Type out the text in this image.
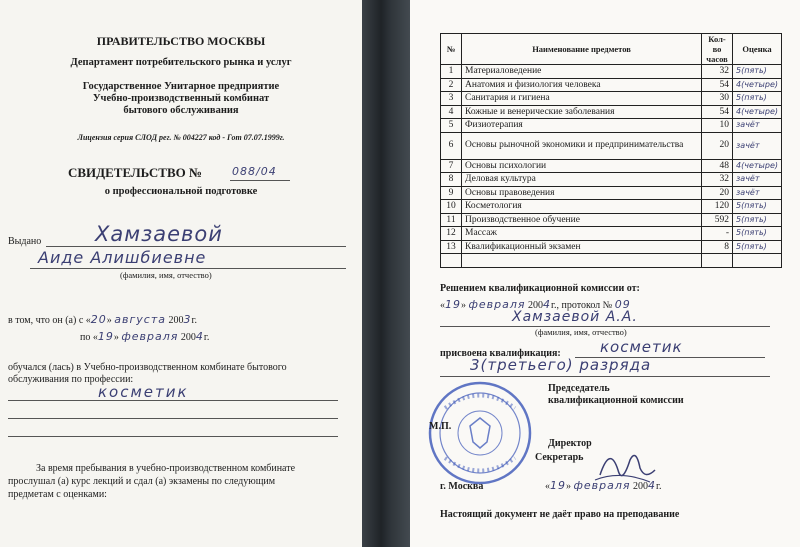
ПРАВИТЕЛЬСТВО МОСКВЫ
Департамент потребительского рынка и услуг
Государственное Унитарное предприятие
Учебно-производственный комбинат
бытового обслуживания
Лицензия серия СЛОД рег. № 004227 код - Гот 07.07.1999г.
СВИДЕТЕЛЬСТВО №	088/04
о профессиональной подготовке
Выдано	Хамзаевой
Аиде Алишбиевне
(фамилия, имя, отчество)
в том, что он (а) с «20» августа 2003г.
по «19» февраля 2004г.
обучался (лась) в Учебно-производственном комбинате бытового
обслуживания по профессии:
косметик
За время пребывания в учебно-производственном комбинате
прослушал (а) курс лекций и сдал (а) экзамены по следующим
предметам с оценками:
№	Наименование предметов	Кол-во часов	Оценка
1	Материаловедение	32	5(пять)
2	Анатомия и физиология человека	54	4(четыре)
3	Санитария и гигиена	30	5(пять)
4	Кожные и венерические заболевания	54	4(четыре)
5	Физиотерапия	10	зачёт
6	Основы рыночной экономики и предпринимательства	20	зачёт
7	Основы психологии	48	4(четыре)
8	Деловая культура	32	зачёт
9	Основы правоведения	20	зачёт
10	Косметология	120	5(пять)
11	Производственное обучение	592	5(пять)
12	Массаж	-	5(пять)
13	Квалификационный экзамен	8	5(пять)

Решением квалификационной комиссии от:
«19» февраля 2004г., протокол № 09
Хамзаевой А.А.
(фамилия, имя, отчество)
присвоена квалификация:	косметик
3(третьего) разряда
Председатель
квалификационной комиссии
М.П.
Директор
Секретарь
г. Москва	«19» февраля 2004г.
Настоящий документ не даёт право на преподавание
